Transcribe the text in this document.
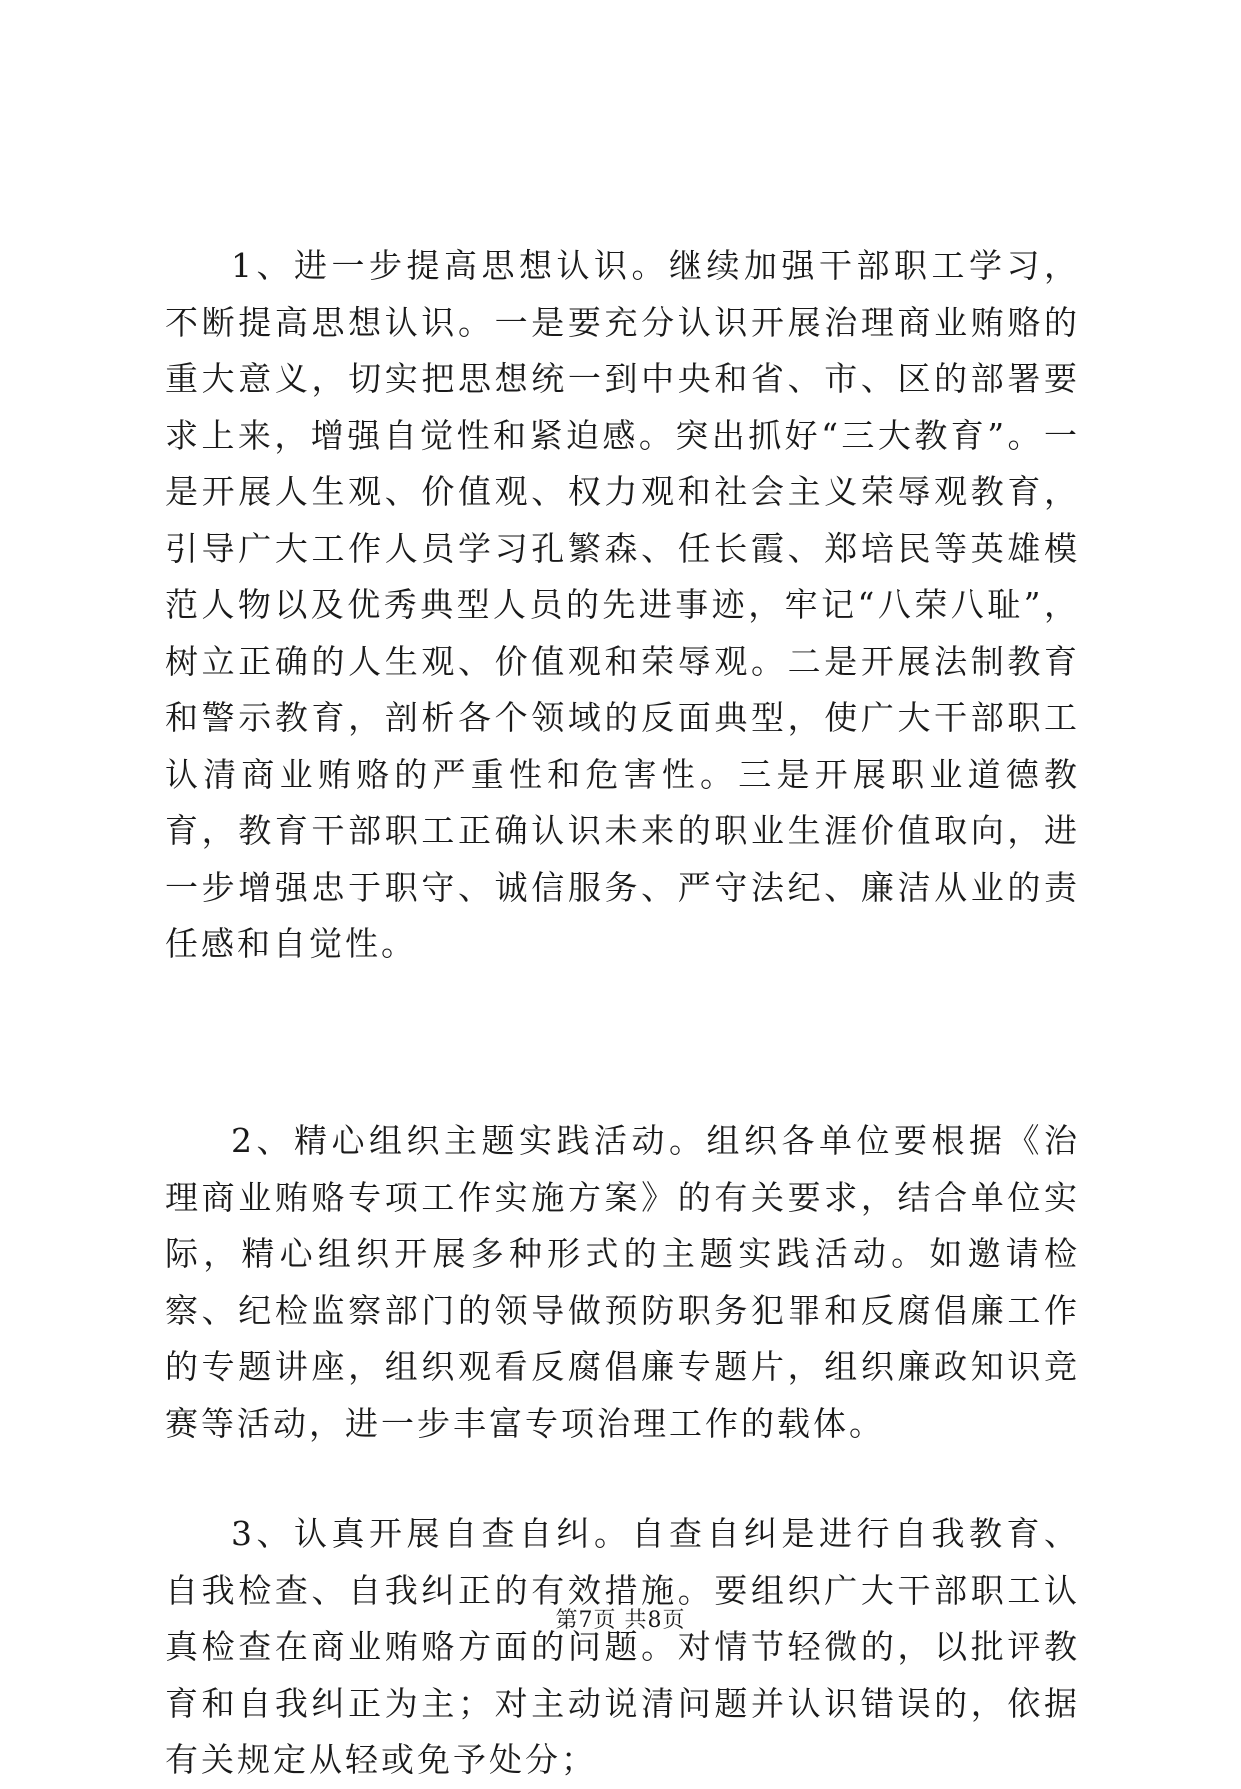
1、进一步提高思想认识。继续加强干部职工学习，不断提高思想认识。一是要充分认识开展治理商业贿赂的重大意义，切实把思想统一到中央和省、市、区的部署要求上来，增强自觉性和紧迫感。突出抓好“三大教育”。一是开展人生观、价值观、权力观和社会主义荣辱观教育，引导广大工作人员学习孔繁森、任长霞、郑培民等英雄模范人物以及优秀典型人员的先进事迹，牢记“八荣八耻”，树立正确的人生观、价值观和荣辱观。二是开展法制教育和警示教育，剖析各个领域的反面典型，使广大干部职工认清商业贿赂的严重性和危害性。三是开展职业道德教育，教育干部职工正确认识未来的职业生涯价值取向，进一步增强忠于职守、诚信服务、严守法纪、廉洁从业的责任感和自觉性。

2、精心组织主题实践活动。组织各单位要根据《治理商业贿赂专项工作实施方案》的有关要求，结合单位实际，精心组织开展多种形式的主题实践活动。如邀请检察、纪检监察部门的领导做预防职务犯罪和反腐倡廉工作的专题讲座，组织观看反腐倡廉专题片，组织廉政知识竞赛等活动，进一步丰富专项治理工作的载体。

3、认真开展自查自纠。自查自纠是进行自我教育、自我检查、自我纠正的有效措施。要组织广大干部职工认真检查在商业贿赂方面的问题。对情节轻微的，以批评教育和自我纠正为主；对主动说清问题并认识错误的，依据有关规定从轻或免予处分；

第7页 共8页
